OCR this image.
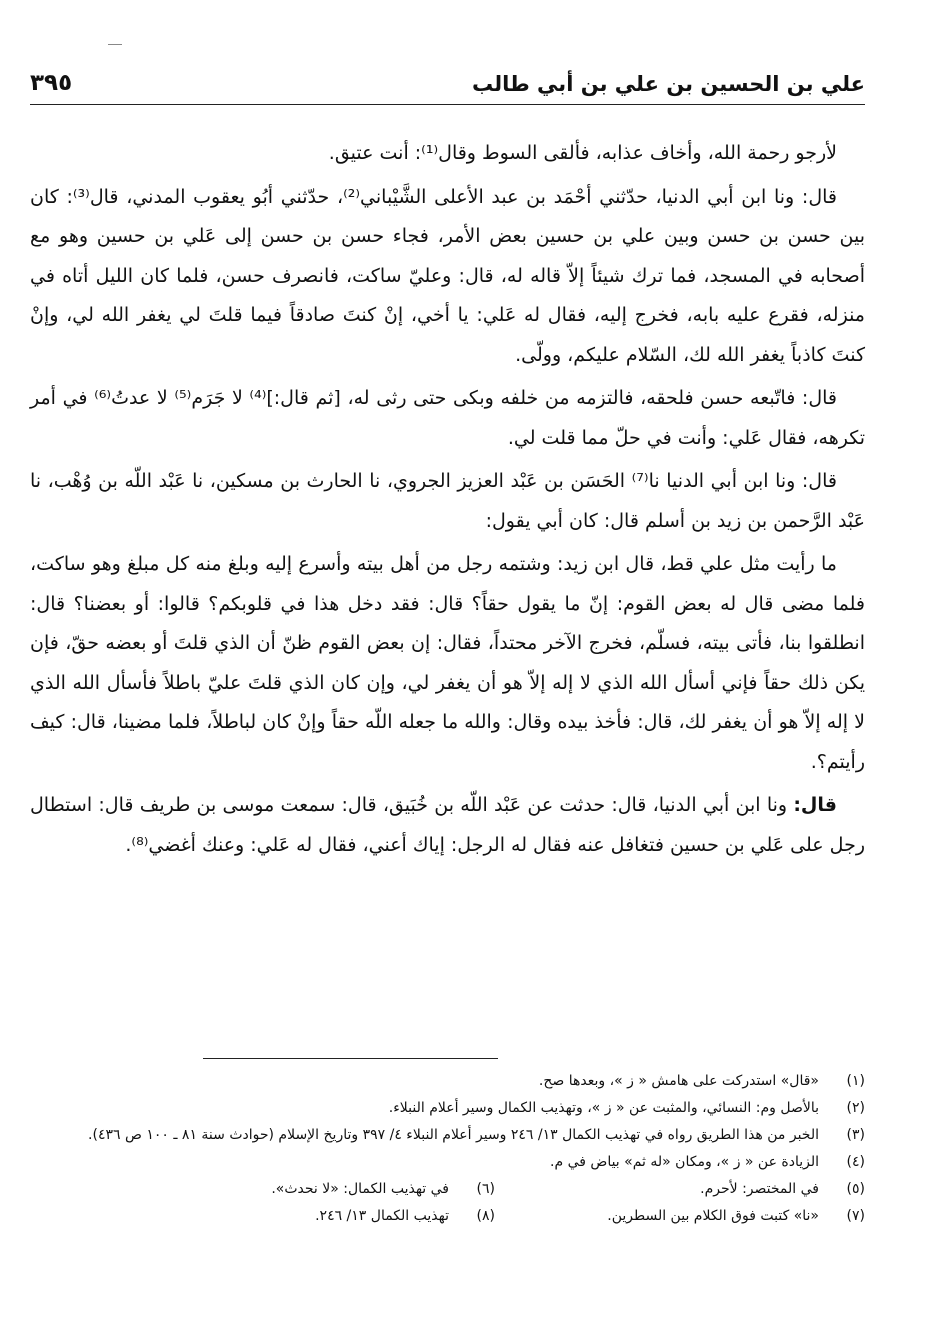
علي بن الحسين بن علي بن أبي طالب
٣٩٥

لأرجو رحمة الله، وأخاف عذابه، فألقى السوط وقال⁽¹⁾: أنت عتيق.

قال: ونا ابن أبي الدنيا، حدّثني أحْمَد بن عبد الأعلى الشَّيْباني⁽²⁾، حدّثني أبُو يعقوب المدني، قال⁽³⁾: كان بين حسن بن حسن وبين علي بن حسين بعض الأمر، فجاء حسن بن حسن إلى عَلي بن حسين وهو مع أصحابه في المسجد، فما ترك شيئاً إلاّ قاله له، قال: وعليّ ساكت، فانصرف حسن، فلما كان الليل أتاه في منزله، فقرع عليه بابه، فخرج إليه، فقال له عَلي: يا أخي، إنْ كنتَ صادقاً فيما قلتَ لي يغفر الله لي، وإنْ كنتَ كاذباً يغفر الله لك، السّلام عليكم، وولّى.

قال: فاتّبعه حسن فلحقه، فالتزمه من خلفه وبكى حتى رثى له، [ثم قال:]⁽⁴⁾ لا جَرَم⁽⁵⁾ لا عدتُ⁽⁶⁾ في أمر تكرهه، فقال عَلي: وأنت في حلّ مما قلت لي.

قال: ونا ابن أبي الدنيا نا⁽⁷⁾ الحَسَن بن عَبْد العزيز الجروي، نا الحارث بن مسكين، نا عَبْد اللّه بن وُهْب، نا عَبْد الرَّحمن بن زيد بن أسلم قال: كان أبي يقول:

ما رأيت مثل علي قط، قال ابن زيد: وشتمه رجل من أهل بيته وأسرع إليه وبلغ منه كل مبلغ وهو ساكت، فلما مضى قال له بعض القوم: إنّ ما يقول حقاً؟ قال: فقد دخل هذا في قلوبكم؟ قالوا: أو بعضنا؟ قال: انطلقوا بنا، فأتى بيته، فسلّم، فخرج الآخر محتداً، فقال: إن بعض القوم ظنّ أن الذي قلتَ أو بعضه حقّ، فإن يكن ذلك حقاً فإني أسأل الله الذي لا إله إلاّ هو أن يغفر لي، وإن كان الذي قلتَ عليّ باطلاً فأسأل الله الذي لا إله إلاّ هو أن يغفر لك، قال: فأخذ بيده وقال: والله ما جعله اللّه حقاً وإنْ كان لباطلاً، فلما مضينا، قال: كيف رأيتم؟.

قال: ونا ابن أبي الدنيا، قال: حدثت عن عَبْد اللّه بن خُبَيق، قال: سمعت موسى بن طريف قال: استطال رجل على عَلي بن حسين فتغافل عنه فقال له الرجل: إياك أعني، فقال له عَلي: وعنك أغضي⁽⁸⁾.

(١)
«قال» استدركت على هامش « ز »، وبعدها صح.
(٢)
بالأصل وم: النسائي، والمثبت عن « ز »، وتهذيب الكمال وسير أعلام النبلاء.
(٣)
الخبر من هذا الطريق رواه في تهذيب الكمال ١٣/ ٢٤٦ وسير أعلام النبلاء ٤/ ٣٩٧ وتاريخ الإسلام (حوادث سنة ٨١ ـ ١٠٠ ص ٤٣٦).
(٤)
الزيادة عن « ز »، ومكان «له ثم» بياض في م.
(٥)
في المختصر: لأحرم.
(٦)
في تهذيب الكمال: «لا نحدث».
(٧)
«نا» كتبت فوق الكلام بين السطرين.
(٨)
تهذيب الكمال ١٣/ ٢٤٦.
